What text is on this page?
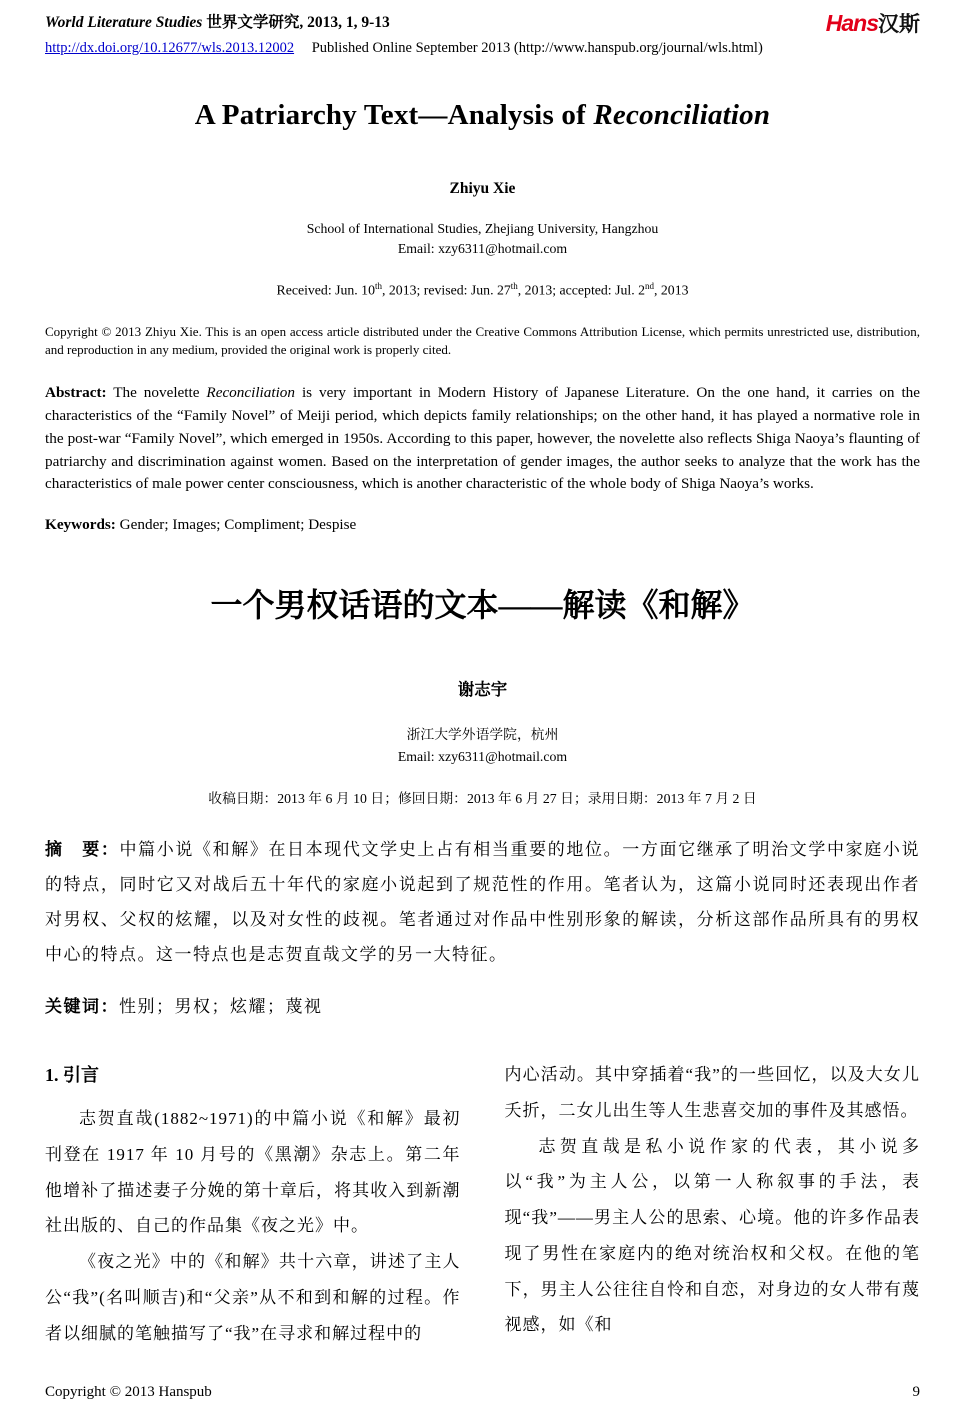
World Literature Studies 世界文学研究, 2013, 1, 9-13	Hans汉斯
http://dx.doi.org/10.12677/wls.2013.12002 Published Online September 2013 (http://www.hanspub.org/journal/wls.html)
A Patriarchy Text—Analysis of Reconciliation
Zhiyu Xie
School of International Studies, Zhejiang University, Hangzhou
Email: xzy6311@hotmail.com
Received: Jun. 10th, 2013; revised: Jun. 27th, 2013; accepted: Jul. 2nd, 2013

Copyright © 2013 Zhiyu Xie. This is an open access article distributed under the Creative Commons Attribution License, which permits unrestricted use, distribution, and reproduction in any medium, provided the original work is properly cited.

Abstract: The novelette Reconciliation is very important in Modern History of Japanese Literature. On the one hand, it carries on the characteristics of the “Family Novel” of Meiji period, which depicts family relationships; on the other hand, it has played a normative role in the post-war “Family Novel”, which emerged in 1950s. According to this paper, however, the novelette also reflects Shiga Naoya’s flaunting of patriarchy and discrimination against women. Based on the interpretation of gender images, the author seeks to analyze that the work has the characteristics of male power center consciousness, which is another characteristic of the whole body of Shiga Naoya’s works.

Keywords: Gender; Images; Compliment; Despise

一个男权话语的文本——解读《和解》
谢志宇
浙江大学外语学院，杭州
Email: xzy6311@hotmail.com
收稿日期：2013 年 6 月 10 日；修回日期：2013 年 6 月 27 日；录用日期：2013 年 7 月 2 日

摘　要：中篇小说《和解》在日本现代文学史上占有相当重要的地位。一方面它继承了明治文学中家庭小说的特点，同时它又对战后五十年代的家庭小说起到了规范性的作用。笔者认为，这篇小说同时还表现出作者对男权、父权的炫耀，以及对女性的歧视。笔者通过对作品中性别形象的解读，分析这部作品所具有的男权中心的特点。这一特点也是志贺直哉文学的另一大特征。

关键词：性别；男权；炫耀；蔑视

1. 引言

志贺直哉(1882~1971)的中篇小说《和解》最初刊登在 1917 年 10 月号的《黑潮》杂志上。第二年他增补了描述妻子分娩的第十章后，将其收入到新潮社出版的、自己的作品集《夜之光》中。

《夜之光》中的《和解》共十六章，讲述了主人公“我”(名叫顺吉)和“父亲”从不和到和解的过程。作者以细腻的笔触描写了“我”在寻求和解过程中的

内心活动。其中穿插着“我”的一些回忆，以及大女儿夭折，二女儿出生等人生悲喜交加的事件及其感悟。

志贺直哉是私小说作家的代表，其小说多以“我”为主人公，以第一人称叙事的手法，表现“我”——男主人公的思索、心境。他的许多作品表现了男性在家庭内的绝对统治权和父权。在他的笔下，男主人公往往自怜和自恋，对身边的女人带有蔑视感，如《和

Copyright © 2013 Hanspub	9
